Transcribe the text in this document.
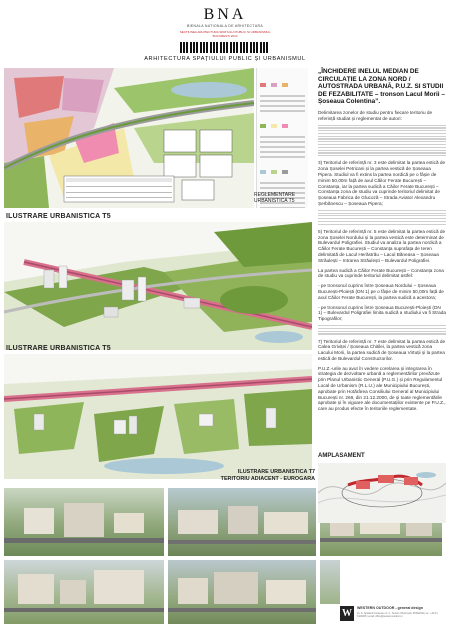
BNA
BIENALA NATIONALA DE ARHITECTURA
SECTIUNEA ARHITECTURA SPATIULUI PUBLIC SI URBANISMUL
BUCURESTI 2010
ARHITECTURA SPAȚIULUI PUBLIC ȘI URBANISMUL
REGLEMENTARE URBANISTICA T5
ILUSTRARE URBANISTICA T5
ILUSTRARE URBANISTICA T5
ILUSTRARE URBANISTICA T7
TERITORIU ADIACENT - EUROGARA
„ÎNCHIDERE INELUL MEDIAN DE CIRCULAȚIE LA ZONA NORD / AUTOSTRADA URBANĂ, P.U.Z. SI STUDII DE FEZABILITATE – tronson Lacul Morii – Șoseaua Colentina”.
Delimitarea zonelor de studiu pentru fiecare teritoriu de referință studiat și reglementat de autori:
3) Teritoriul de referință nr. 3 este delimitat la partea estică de zona Șoselei Petricani și la partea vestică de Șoseaua Pipera. Studiul va fi extins la partea nordică pe o fâșie de minim 50,00m față de axul Căilor Ferate București – Constanța, iar la partea sudică a Căilor Ferate București – Constanța zona de studiu va cuprinde teritoriul delimitat de Șoseaua Fabrica de Glucoză – Strada Aviator Alexandru Șerbănescu – Șoseaua Pipera;
5) Teritoriul de referință nr. 5 este delimitat la partea estică de zona Șoselei Nordului și la partea vestică este determinat de Bulevardul Poligrafiei. Studiul va analiza la partea nordică a Căilor Ferate București – Constanța suprafața de teren delimitată de Lacul Herăstrău – Lacul Băneasa – Șoseaua Străulești – Intrarea Străulești – Bulevardul Poligrafiei.
La partea sudică a Căilor Ferate București – Constanța zona de studiu va cuprinde teritoriul delimitat astfel:
- pe tronsonul cuprins între Șoseaua Nordului – Șoseaua București-Ploiești (DN 1) pe o fâșie de minim 50,00m față de axul Căilor Ferate București, la partea sudică a acestora;
- pe tronsonul cuprins între Șoseaua București-Ploiești (DN 1) – Bulevardul Poligrafiei limita sudică a studiului va fi Strada Tipografilor;
7) Teritoriul de referință nr. 7 este delimitat la partea estică de Calea Griviței / Șoseaua Chitilei, la partea vestică zona Lacului Morii, la partea sudică de Șoseaua Virtuții și la partea estică de Bulevardul Constructorilor.
P.U.Z.-urile au avut în vedere corelarea și integrarea în strategia de dezvoltare urbană a reglementărilor prevăzute prin Planul Urbanistic General (P.U.G.) și prin Regulamentul Local de Urbanism (R.L.U.) ale Municipiului București, aprobate prin Hotărârea Consiliului General al Municipiului București nr. 269, din 21.12.2000, de și toate reglementările aprobate și în vigoare ale documentațiilor existente pe P.U.Z., care au produs efecte în teritoriile reglementate.
AMPLASAMENT
W	WESTERN OUTDOOR - general design
str. G. Spatarul Cireseanu nr. 2 - Sector 2 Bucuresti, ROMANIA | tel.: +40 21 3124848 | email: office@westernoutdoor.ro
